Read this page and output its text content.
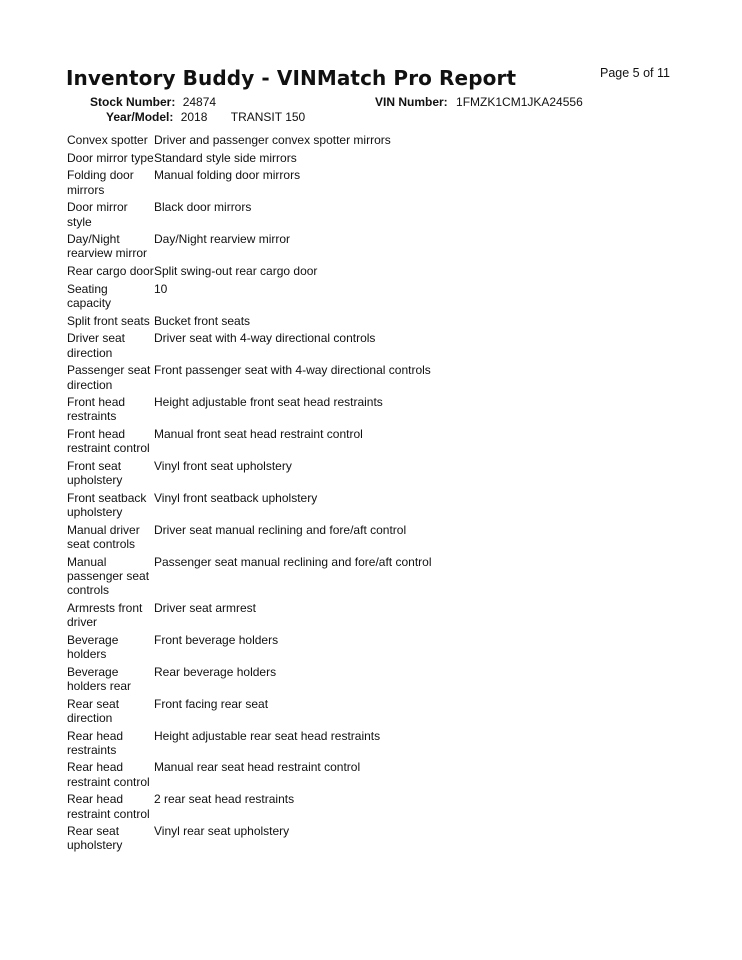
Page 5 of 11
Inventory Buddy - VINMatch Pro Report
Stock Number: 24874	VIN Number: 1FMZK1CM1JKA24556
Year/Model: 2018 TRANSIT 150
Convex spotter	Driver and passenger convex spotter mirrors
Door mirror type	Standard style side mirrors
Folding door mirrors	Manual folding door mirrors
Door mirror style	Black door mirrors
Day/Night rearview mirror	Day/Night rearview mirror
Rear cargo door	Split swing-out rear cargo door
Seating capacity	10
Split front seats	Bucket front seats
Driver seat direction	Driver seat with 4-way directional controls
Passenger seat direction	Front passenger seat with 4-way directional controls
Front head restraints	Height adjustable front seat head restraints
Front head restraint control	Manual front seat head restraint control
Front seat upholstery	Vinyl front seat upholstery
Front seatback upholstery	Vinyl front seatback upholstery
Manual driver seat controls	Driver seat manual reclining and fore/aft control
Manual passenger seat controls	Passenger seat manual reclining and fore/aft control
Armrests front driver	Driver seat armrest
Beverage holders	Front beverage holders
Beverage holders rear	Rear beverage holders
Rear seat direction	Front facing rear seat
Rear head restraints	Height adjustable rear seat head restraints
Rear head restraint control	Manual rear seat head restraint control
Rear head restraint control	2 rear seat head restraints
Rear seat upholstery	Vinyl rear seat upholstery
